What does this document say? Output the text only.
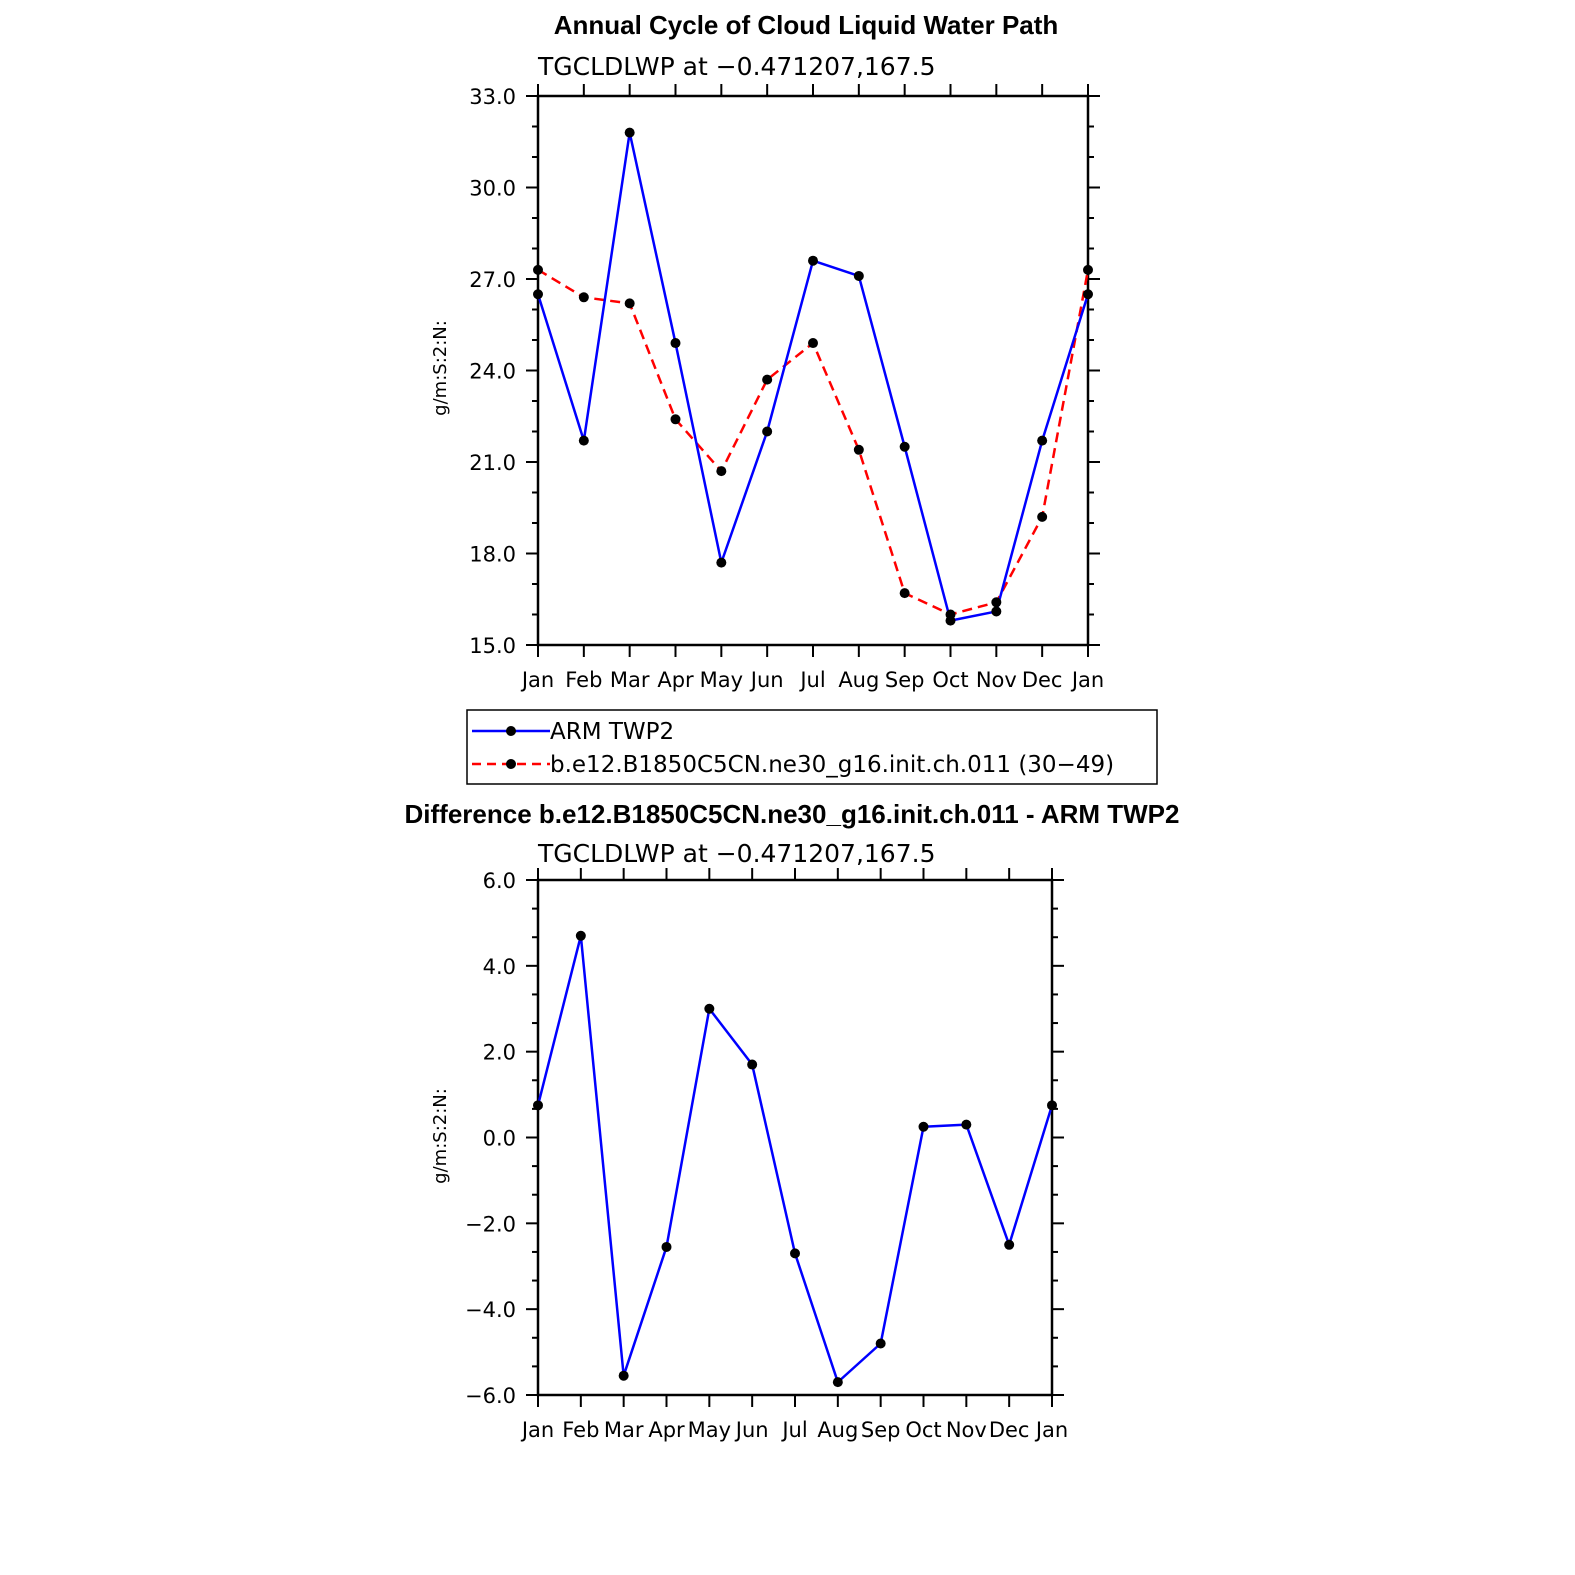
Annual Cycle of Cloud Liquid Water Path
TGCLDLWP at −0.471207,167.5
g/m:S:2:N:
15.0
18.0
21.0
24.0
27.0
30.0
33.0
Jan Feb Mar Apr May Jun Jul Aug Sep Oct Nov Dec Jan
ARM TWP2
b.e12.B1850C5CN.ne30_g16.init.ch.011 (30−49)
Difference b.e12.B1850C5CN.ne30_g16.init.ch.011 - ARM TWP2
TGCLDLWP at −0.471207,167.5
g/m:S:2:N:
−6.0
−4.0
−2.0
0.0
2.0
4.0
6.0
Jan Feb Mar Apr May Jun Jul Aug Sep Oct Nov Dec Jan
